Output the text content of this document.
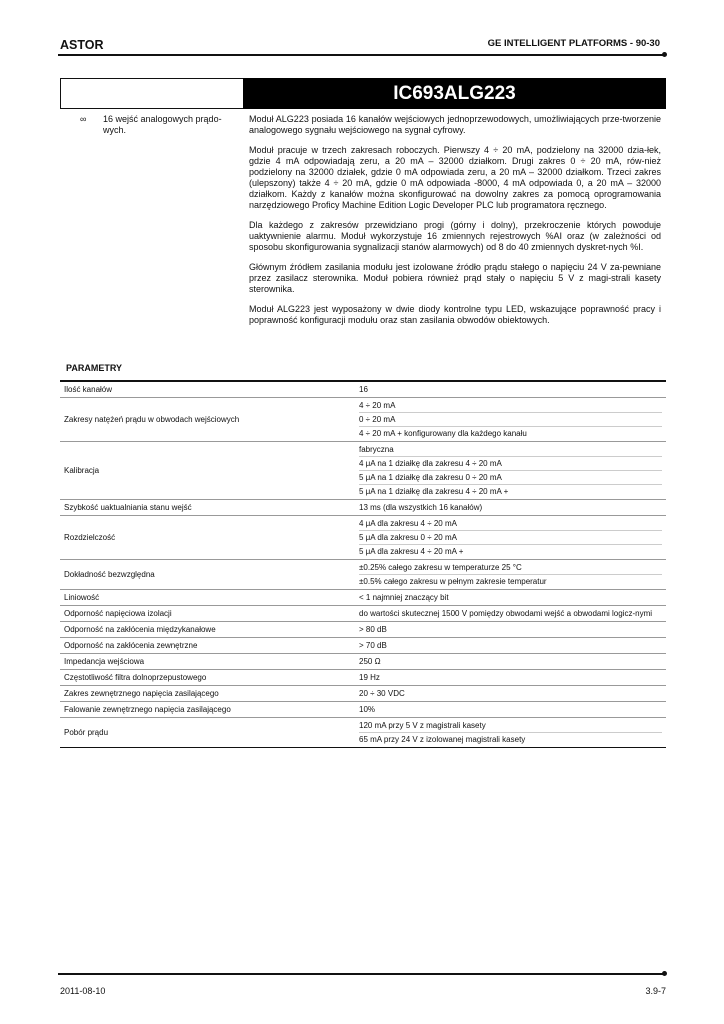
ASTOR	GE INTELLIGENT PLATFORMS - 90-30
IC693ALG223
∞ 16 wejść analogowych prądo-wych.

Moduł ALG223 posiada 16 kanałów wejściowych jednoprzewodowych, umożliwiających prze-tworzenie analogowego sygnału wejściowego na sygnał cyfrowy.

Moduł pracuje w trzech zakresach roboczych. Pierwszy 4 ÷ 20 mA, podzielony na 32000 dzia-łek, gdzie 4 mA odpowiadają zeru, a 20 mA – 32000 działkom. Drugi zakres 0 ÷ 20 mA, rów-nież podzielony na 32000 działek, gdzie 0 mA odpowiada zeru, a 20 mA – 32000 działkom. Trzeci zakres (ulepszony) także 4 ÷ 20 mA, gdzie 0 mA odpowiada -8000, 4 mA odpowiada 0, a 20 mA – 32000 działkom. Każdy z kanałów można skonfigurować na dowolny zakres za pomocą oprogramowania narzędziowego Proficy Machine Edition Logic Developer PLC lub programatora ręcznego.

Dla każdego z zakresów przewidziano progi (górny i dolny), przekroczenie których powoduje uaktywnienie alarmu. Moduł wykorzystuje 16 zmiennych rejestrowych %AI oraz (w zależności od sposobu skonfigurowania sygnalizacji stanów alarmowych) od 8 do 40 zmiennych dyskret-nych %I.

Głównym źródłem zasilania modułu jest izolowane źródło prądu stałego o napięciu 24 V za-pewniane przez zasilacz sterownika. Moduł pobiera również prąd stały o napięciu 5 V z magi-strali kasety sterownika.

Moduł ALG223 jest wyposażony w dwie diody kontrolne typu LED, wskazujące poprawność pracy i poprawność konfiguracji modułu oraz stan zasilania obwodów obiektowych.

PARAMETRY
Ilość kanałów	16

Zakresy natężeń prądu w obwodach wejściowych	4 ÷ 20 mA
0 ÷ 20 mA
4 ÷ 20 mA + konfigurowany dla każdego kanału

Kalibracja	fabryczna
4 μA na 1 działkę dla zakresu 4 ÷ 20 mA
5 μA na 1 działkę dla zakresu 0 ÷ 20 mA
5 μA na 1 działkę dla zakresu 4 ÷ 20 mA +

Szybkość uaktualniania stanu wejść	13 ms (dla wszystkich 16 kanałów)

Rozdzielczość	4 μA dla zakresu 4 ÷ 20 mA
5 μA dla zakresu 0 ÷ 20 mA
5 μA dla zakresu 4 ÷ 20 mA +

Dokładność bezwzględna	±0.25% całego zakresu w temperaturze 25 °C
±0.5% całego zakresu w pełnym zakresie temperatur

Liniowość	< 1 najmniej znaczący bit

Odporność napięciowa izolacji	do wartości skutecznej 1500 V pomiędzy obwodami wejść a obwodami logicz-nymi

Odporność na zakłócenia międzykanałowe	> 80 dB

Odporność na zakłócenia zewnętrzne	> 70 dB

Impedancja wejściowa	250 Ω

Częstotliwość filtra dolnoprzepustowego	19 Hz

Zakres zewnętrznego napięcia zasilającego	20 ÷ 30 VDC

Falowanie zewnętrznego napięcia zasilającego	10%

Pobór prądu	120 mA przy 5 V z magistrali kasety
65 mA przy 24 V z izolowanej magistrali kasety
2011-08-10	3.9-7
